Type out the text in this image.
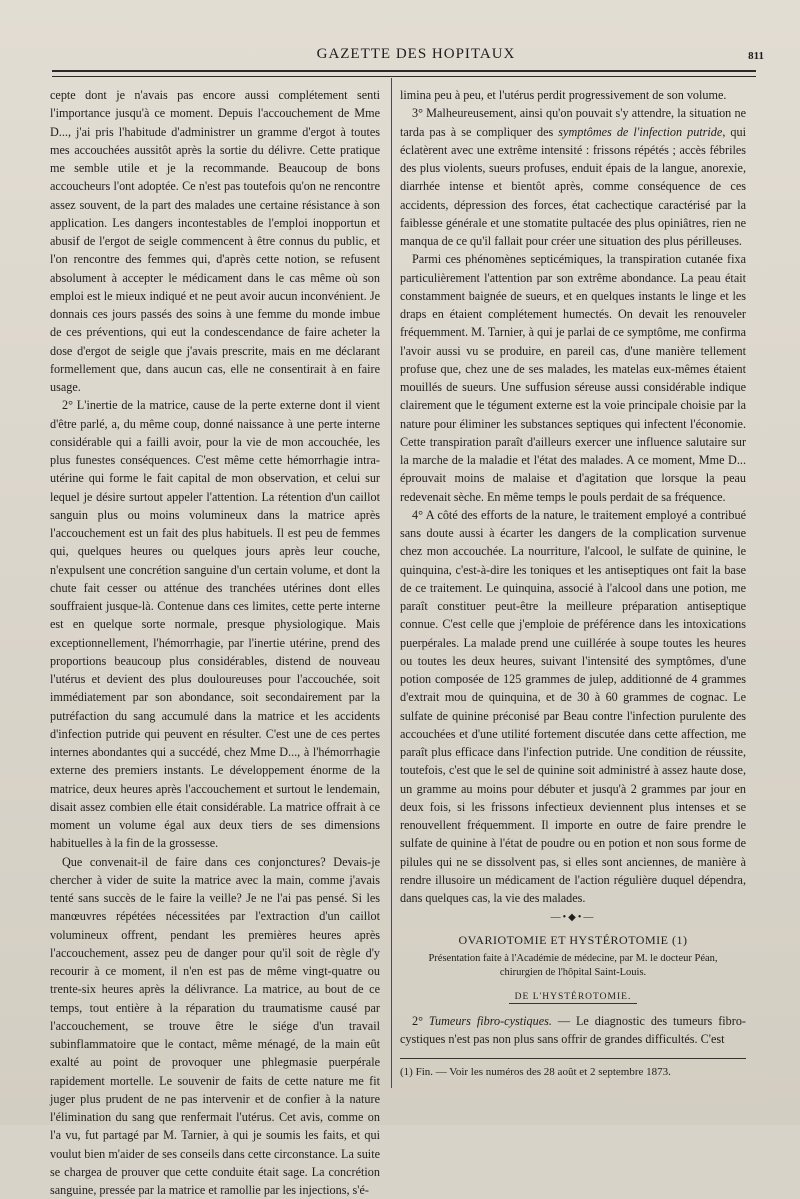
GAZETTE DES HOPITAUX	811

cepte dont je n'avais pas encore aussi complétement senti l'importance jusqu'à ce moment. Depuis l'accouchement de Mme D..., j'ai pris l'habitude d'administrer un gramme d'ergot à toutes mes accouchées aussitôt après la sortie du délivre. Cette pratique me semble utile et je la recommande. Beaucoup de bons accoucheurs l'ont adoptée. Ce n'est pas toutefois qu'on ne rencontre assez souvent, de la part des malades une certaine résistance à son application. Les dangers incontestables de l'emploi inopportun et abusif de l'ergot de seigle commencent à être connus du public, et l'on rencontre des femmes qui, d'après cette notion, se refusent absolument à accepter le médicament dans le cas même où son emploi est le mieux indiqué et ne peut avoir aucun inconvénient. Je donnais ces jours passés des soins à une femme du monde imbue de ces préventions, qui eut la condescendance de faire acheter la dose d'ergot de seigle que j'avais prescrite, mais en me déclarant formellement que, dans aucun cas, elle ne consentirait à en faire usage.

2° L'inertie de la matrice, cause de la perte externe dont il vient d'être parlé, a, du même coup, donné naissance à une perte interne considérable qui a failli avoir, pour la vie de mon accouchée, les plus funestes conséquences. C'est même cette hémorrhagie intra-utérine qui forme le fait capital de mon observation, et celui sur lequel je désire surtout appeler l'attention. La rétention d'un caillot sanguin plus ou moins volumineux dans la matrice après l'accouchement est un fait des plus habituels. Il est peu de femmes qui, quelques heures ou quelques jours après leur couche, n'expulsent une concrétion sanguine d'un certain volume, et dont la chute fait cesser ou atténue des tranchées utérines dont elles souffraient jusque-là. Contenue dans ces limites, cette perte interne est en quelque sorte normale, presque physiologique. Mais exceptionnellement, l'hémorrhagie, par l'inertie utérine, prend des proportions beaucoup plus considérables, distend de nouveau l'utérus et devient des plus douloureuses pour l'accouchée, soit immédiatement par son abondance, soit secondairement par la putréfaction du sang accumulé dans la matrice et les accidents d'infection putride qui peuvent en résulter. C'est une de ces pertes internes abondantes qui a succédé, chez Mme D..., à l'hémorrhagie externe des premiers instants. Le développement énorme de la matrice, deux heures après l'accouchement et surtout le lendemain, disait assez combien elle était considérable. La matrice offrait à ce moment un volume égal aux deux tiers de ses dimensions habituelles à la fin de la grossesse.

Que convenait-il de faire dans ces conjonctures? Devais-je chercher à vider de suite la matrice avec la main, comme j'avais tenté sans succès de le faire la veille? Je ne l'ai pas pensé. Si les manœuvres répétées nécessitées par l'extraction d'un caillot volumineux offrent, pendant les premières heures après l'accouchement, assez peu de danger pour qu'il soit de règle d'y recourir à ce moment, il n'en est pas de même vingt-quatre ou trente-six heures après la délivrance. La matrice, au bout de ce temps, tout entière à la réparation du traumatisme causé par l'accouchement, se trouve être le siége d'un travail subinflammatoire que le contact, même ménagé, de la main eût exalté au point de provoquer une phlegmasie puerpérale rapidement mortelle. Le souvenir de faits de cette nature me fit juger plus prudent de ne pas intervenir et de confier à la nature l'élimination du sang que renfermait l'utérus. Cet avis, comme on l'a vu, fut partagé par M. Tarnier, à qui je soumis les faits, et qui voulut bien m'aider de ses conseils dans cette circonstance. La suite se chargea de prouver que cette conduite était sage. La concrétion sanguine, pressée par la matrice et ramollie par les injections, s'é-

limina peu à peu, et l'utérus perdit progressivement de son volume.

3° Malheureusement, ainsi qu'on pouvait s'y attendre, la situation ne tarda pas à se compliquer des symptômes de l'infection putride, qui éclatèrent avec une extrême intensité : frissons répétés ; accès fébriles des plus violents, sueurs profuses, enduit épais de la langue, anorexie, diarrhée intense et bientôt après, comme conséquence de ces accidents, dépression des forces, état cachectique caractérisé par la faiblesse générale et une stomatite pultacée des plus opiniâtres, rien ne manqua de ce qu'il fallait pour créer une situation des plus périlleuses.

Parmi ces phénomènes septicémiques, la transpiration cutanée fixa particulièrement l'attention par son extrême abondance. La peau était constamment baignée de sueurs, et en quelques instants le linge et les draps en étaient complétement humectés. On devait les renouveler fréquemment. M. Tarnier, à qui je parlai de ce symptôme, me confirma l'avoir aussi vu se produire, en pareil cas, d'une manière tellement profuse que, chez une de ses malades, les matelas eux-mêmes étaient mouillés de sueurs. Une suffusion séreuse aussi considérable indique clairement que le tégument externe est la voie principale choisie par la nature pour éliminer les substances septiques qui infectent l'économie. Cette transpiration paraît d'ailleurs exercer une influence salutaire sur la marche de la maladie et l'état des malades. A ce moment, Mme D... éprouvait moins de malaise et d'agitation que lorsque la peau redevenait sèche. En même temps le pouls perdait de sa fréquence.

4° A côté des efforts de la nature, le traitement employé a contribué sans doute aussi à écarter les dangers de la complication survenue chez mon accouchée. La nourriture, l'alcool, le sulfate de quinine, le quinquina, c'est-à-dire les toniques et les antiseptiques ont fait la base de ce traitement. Le quinquina, associé à l'alcool dans une potion, me paraît constituer peut-être la meilleure préparation antiseptique connue. C'est celle que j'emploie de préférence dans les intoxications puerpérales. La malade prend une cuillérée à soupe toutes les heures ou toutes les deux heures, suivant l'intensité des symptômes, d'une potion composée de 125 grammes de julep, additionné de 4 grammes d'extrait mou de quinquina, et de 30 à 60 grammes de cognac. Le sulfate de quinine préconisé par Beau contre l'infection purulente des accouchées et d'une utilité fortement discutée dans cette affection, me paraît plus efficace dans l'infection putride. Une condition de réussite, toutefois, c'est que le sel de quinine soit administré à assez haute dose, un gramme au moins pour débuter et jusqu'à 2 grammes par jour en deux fois, si les frissons infectieux deviennent plus intenses et se renouvellent fréquemment. Il importe en outre de faire prendre le sulfate de quinine à l'état de poudre ou en potion et non sous forme de pilules qui ne se dissolvent pas, si elles sont anciennes, de manière à rendre illusoire un médicament de l'action régulière duquel dépendra, dans quelques cas, la vie des malades.

—•◆•—
OVARIOTOMIE ET HYSTÉROTOMIE (1)

Présentation faite à l'Académie de médecine, par M. le docteur Péan,

chirurgien de l'hôpital Saint-Louis.

DE L'HYSTÉROTOMIE.

2° Tumeurs fibro-cystiques. — Le diagnostic des tumeurs fibro-cystiques n'est pas non plus sans offrir de grandes difficultés. C'est

(1) Fin. — Voir les numéros des 28 août et 2 septembre 1873.
